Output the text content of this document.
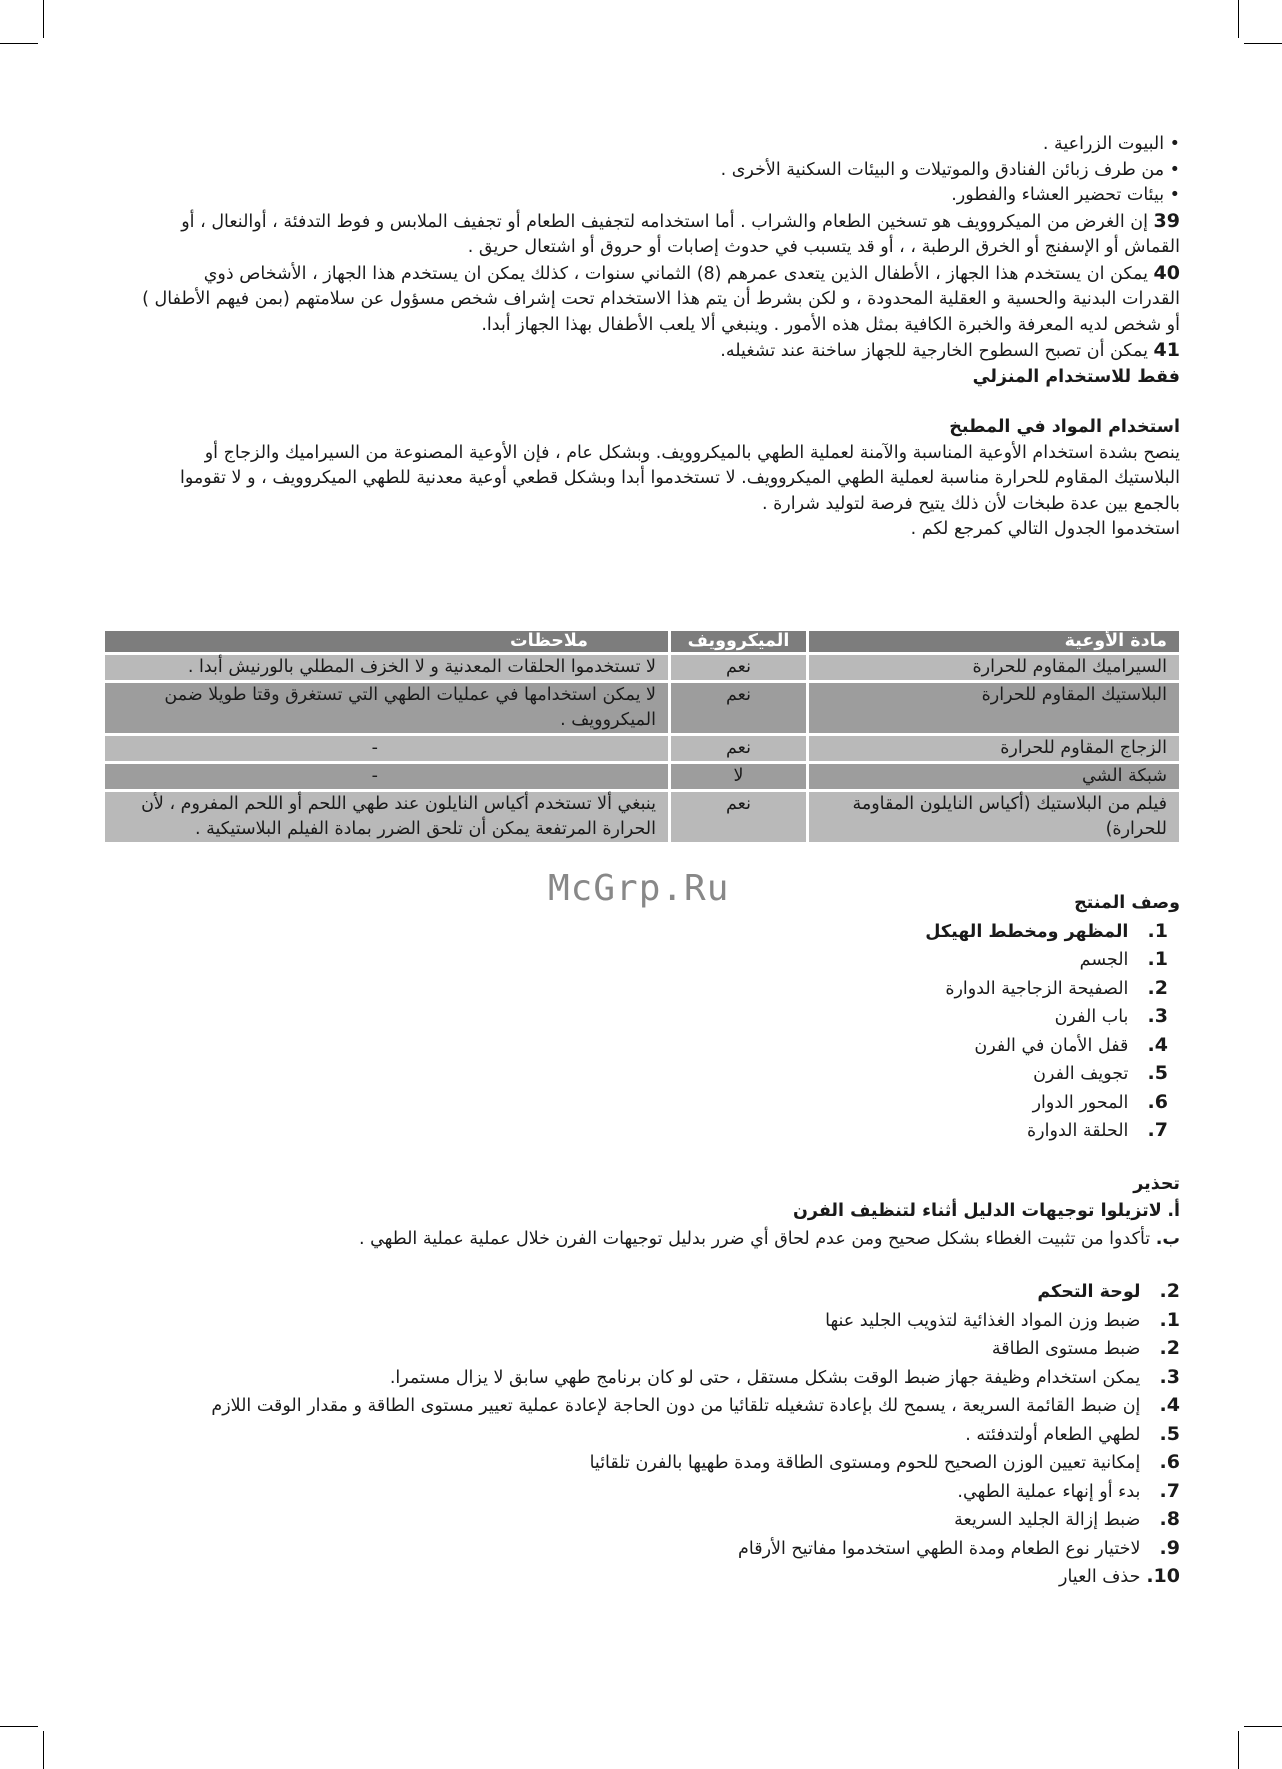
• البيوت الزراعية .
• من طرف زبائن الفنادق والموتيلات و البيئات السكنية الأخرى .
• بيئات تحضير العشاء والفطور.
39 إن الغرض من الميكروويف هو تسخين الطعام والشراب . أما استخدامه لتجفيف الطعام أو تجفيف الملابس و فوط التدفئة ، أوالنعال ، أو
القماش أو الإسفنج أو الخرق الرطبة ، ، أو قد يتسبب في حدوث إصابات أو حروق أو اشتعال حريق .
40 يمكن ان يستخدم هذا الجهاز ، الأطفال الذين يتعدى عمرهم (8) الثماني سنوات ، كذلك يمكن ان يستخدم هذا الجهاز ، الأشخاص ذوي
القدرات البدنية والحسية و العقلية المحدودة ، و لكن بشرط أن يتم هذا الاستخدام تحت إشراف شخص مسؤول عن سلامتهم (بمن فيهم الأطفال )
أو شخص لديه المعرفة والخبرة الكافية بمثل هذه الأمور . وينبغي ألا يلعب الأطفال بهذا الجهاز أبدا.
41 يمكن أن تصبح السطوح الخارجية للجهاز ساخنة عند تشغيله.
فقط للاستخدام المنزلي
استخدام المواد في المطبخ
ينصح بشدة استخدام الأوعية المناسبة والآمنة لعملية الطهي بالميكروويف. وبشكل عام ، فإن الأوعية المصنوعة من السيراميك والزجاج أو
البلاستيك المقاوم للحرارة مناسبة لعملية الطهي الميكروويف. لا تستخدموا أبدا وبشكل قطعي أوعية معدنية للطهي الميكروويف ، و لا تقوموا
بالجمع بين عدة طبخات لأن ذلك يتيح فرصة لتوليد شرارة .
استخدموا الجدول التالي كمرجع لكم .
مادة الأوعية	الميكروويف	ملاحظات
السيراميك المقاوم للحرارة	نعم	لا تستخدموا الحلقات المعدنية و لا الخزف المطلي بالورنيش أبدا .
البلاستيك المقاوم للحرارة	نعم	لا يمكن استخدامها في عمليات الطهي التي تستغرق وقتا طويلا ضمن الميكروويف .
الزجاج المقاوم للحرارة	نعم	-
شبكة الشي	لا	-
فيلم من البلاستيك (أكياس النايلون المقاومة للحرارة)	نعم	ينبغي ألا تستخدم أكياس النايلون عند طهي اللحم أو اللحم المفروم ، لأن الحرارة المرتفعة يمكن أن تلحق الضرر بمادة الفيلم البلاستيكية .
McGrp.Ru	وصف المنتج
1. المظهر ومخطط الهيكل
1. الجسم
2. الصفيحة الزجاجية الدوارة
3. باب الفرن
4. قفل الأمان في الفرن
5. تجويف الفرن
6. المحور الدوار
7. الحلقة الدوارة
تحذير
أ. لاتزيلوا توجيهات الدليل أثناء لتنظيف الفرن
ب. تأكدوا من تثبيت الغطاء بشكل صحيح ومن عدم لحاق أي ضرر بدليل توجيهات الفرن خلال عملية عملية الطهي .
2. لوحة التحكم
1. ضبط وزن المواد الغذائية لتذويب الجليد عنها
2. ضبط مستوى الطاقة
3. يمكن استخدام وظيفة جهاز ضبط الوقت بشكل مستقل ، حتى لو كان برنامج طهي سابق لا يزال مستمرا.
4. إن ضبط القائمة السريعة ، يسمح لك بإعادة تشغيله تلقائيا من دون الحاجة لإعادة عملية تعيير مستوى الطاقة و مقدار الوقت اللازم
5. لطهي الطعام أولتدفئته .
6. إمكانية تعيين الوزن الصحيح للحوم ومستوى الطاقة ومدة طهيها بالفرن تلقائيا
7. بدء أو إنهاء عملية الطهي.
8. ضبط إزالة الجليد السريعة
9. لاختيار نوع الطعام ومدة الطهي استخدموا مفاتيح الأرقام
10. حذف العيار
